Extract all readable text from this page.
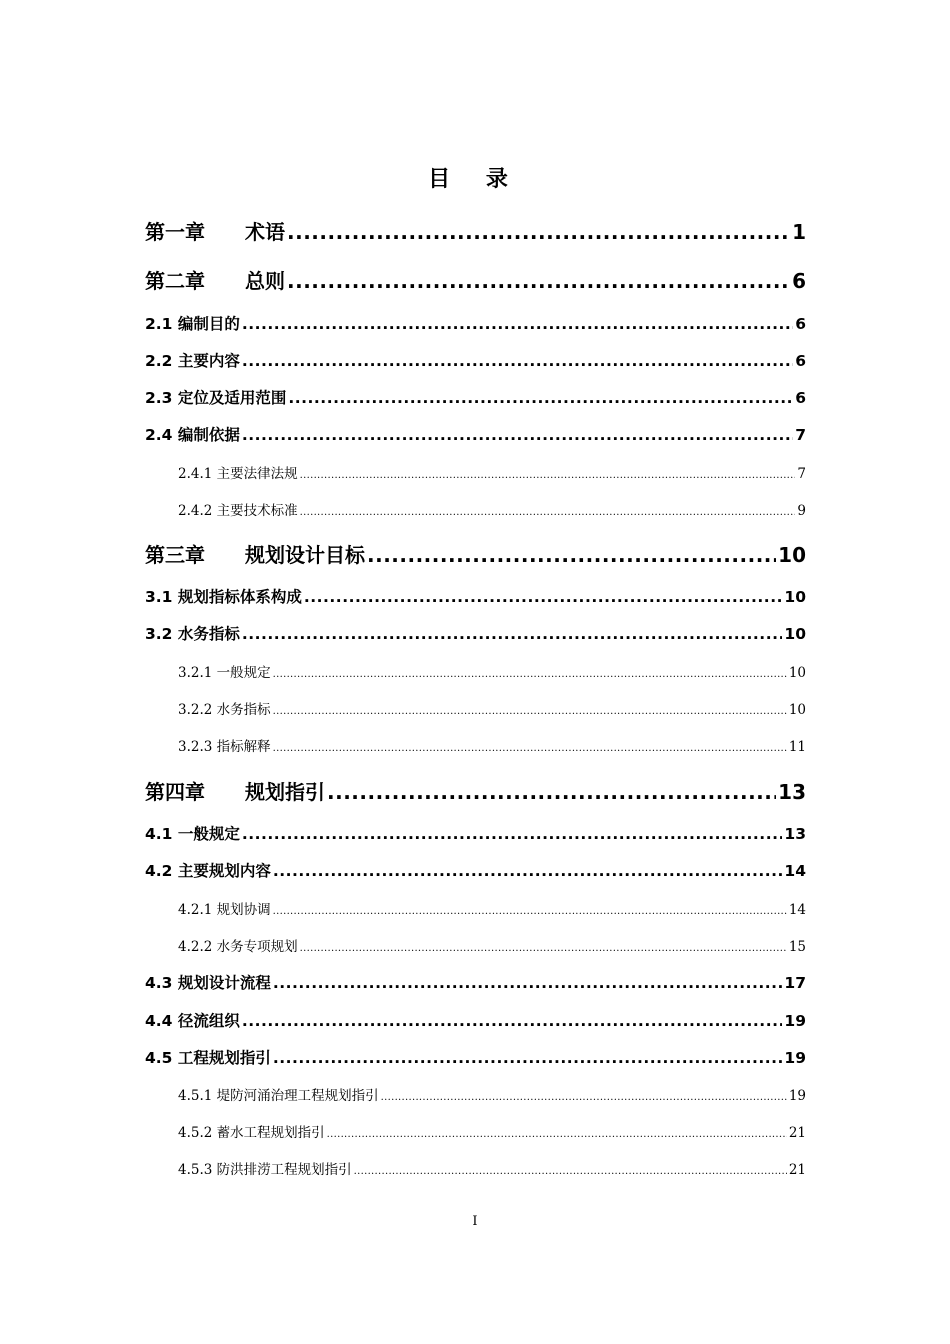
目 录
第一章 术语 .....	1
第二章 总则 .....	6
2.1 编制目的 .....	6
2.2 主要内容 .....	6
2.3 定位及适用范围 .....	6
2.4 编制依据 .....	7
2.4.1 主要法律法规 .....	7
2.4.2 主要技术标准 .....	9
第三章 规划设计目标 .....	10
3.1 规划指标体系构成 .....	10
3.2 水务指标 .....	10
3.2.1 一般规定 .....	10
3.2.2 水务指标 .....	10
3.2.3 指标解释 .....	11
第四章 规划指引 .....	13
4.1 一般规定 .....	13
4.2 主要规划内容 .....	14
4.2.1 规划协调 .....	14
4.2.2 水务专项规划 .....	15
4.3 规划设计流程 .....	17
4.4 径流组织 .....	19
4.5 工程规划指引 .....	19
4.5.1 堤防河涌治理工程规划指引 .....	19
4.5.2 蓄水工程规划指引 .....	21
4.5.3 防洪排涝工程规划指引 .....	21
I
